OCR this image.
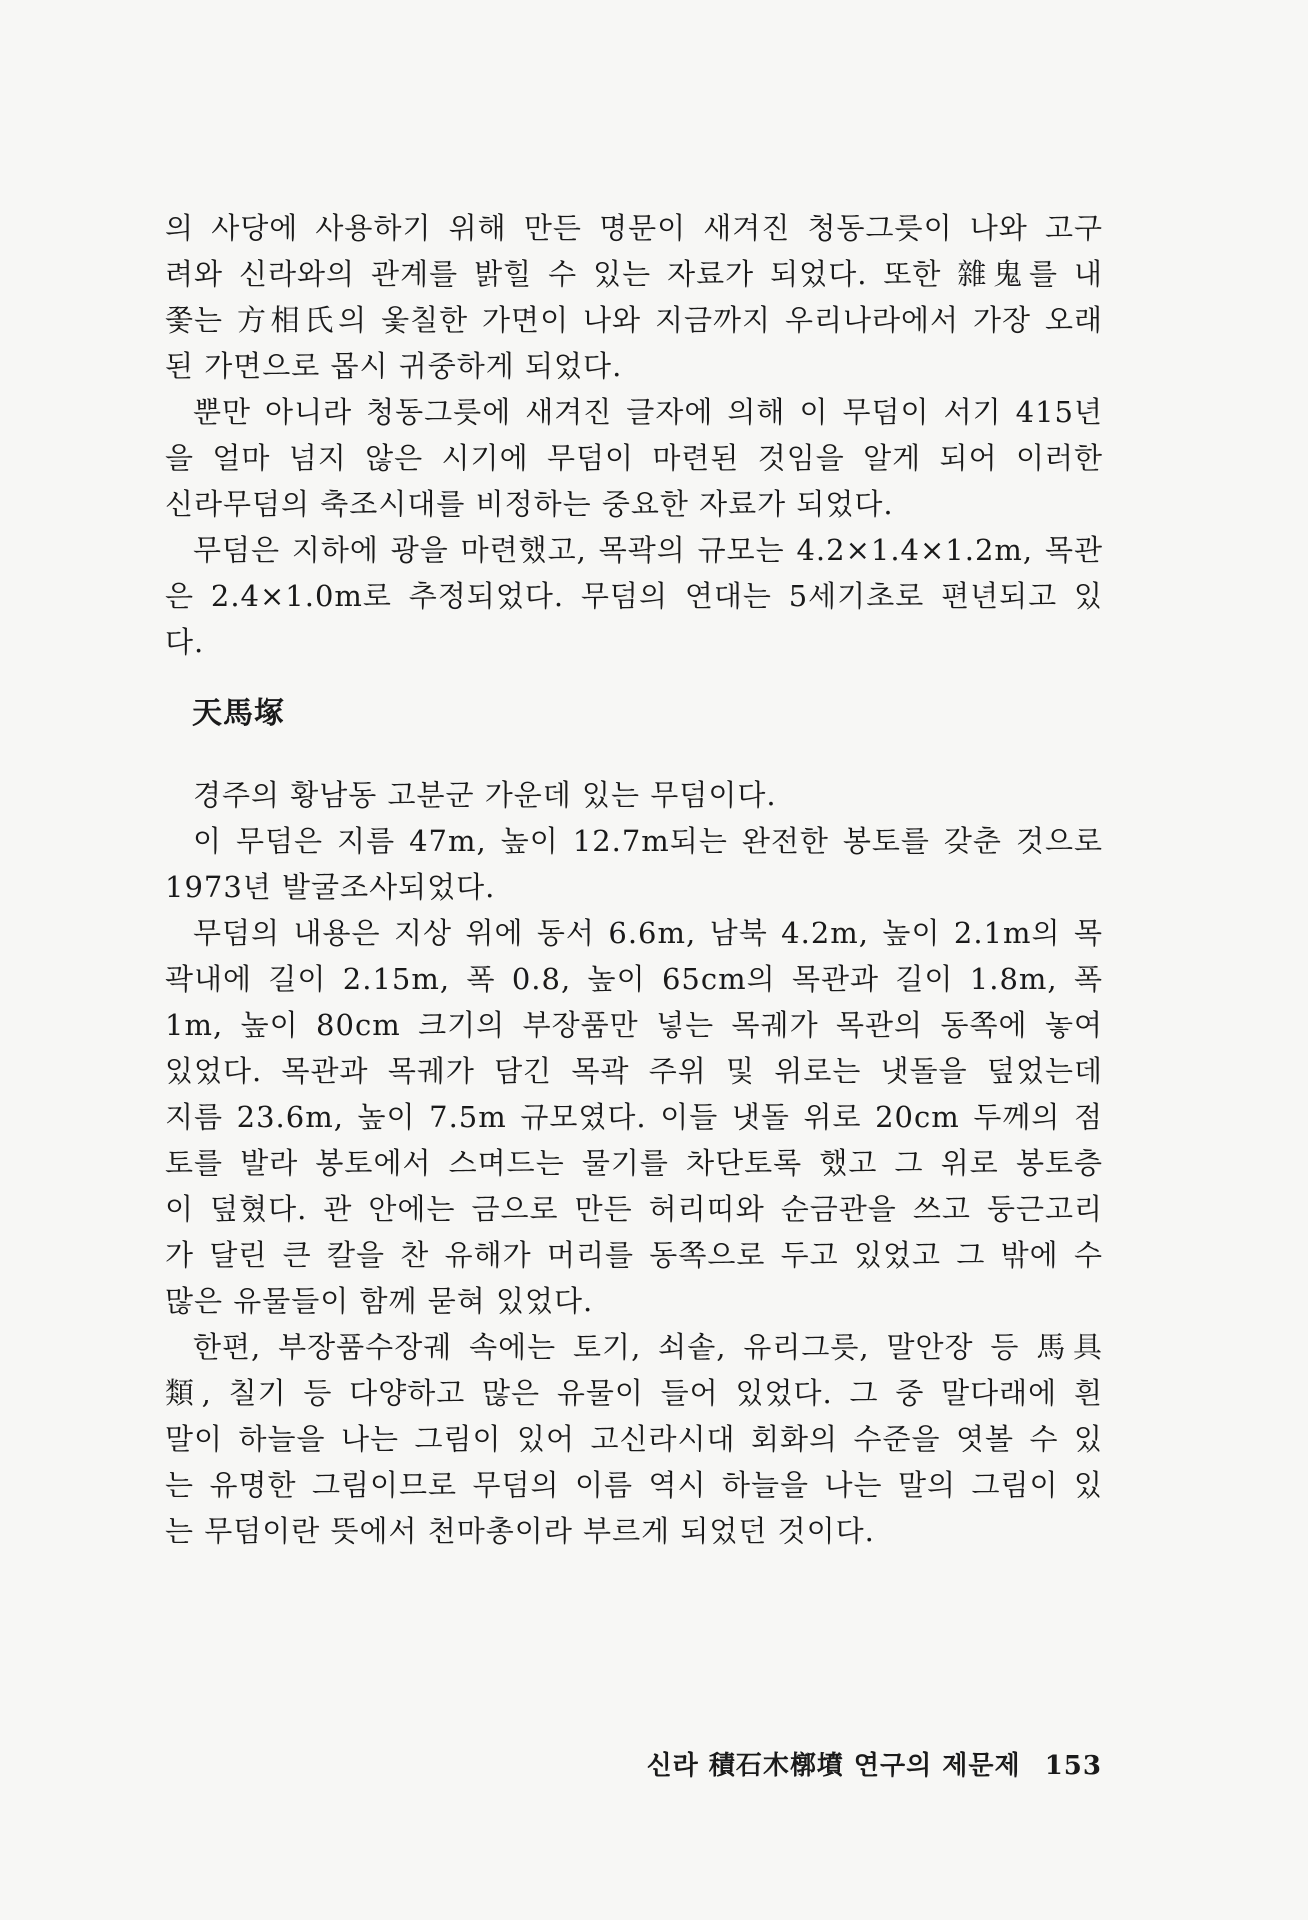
의 사당에 사용하기 위해 만든 명문이 새겨진 청동그릇이 나와 고구
려와 신라와의 관계를 밝힐 수 있는 자료가 되었다. 또한 雜鬼를 내
쫓는 方相氏의 옻칠한 가면이 나와 지금까지 우리나라에서 가장 오래
된 가면으로 몹시 귀중하게 되었다.
뿐만 아니라 청동그릇에 새겨진 글자에 의해 이 무덤이 서기 415년
을 얼마 넘지 않은 시기에 무덤이 마련된 것임을 알게 되어 이러한
신라무덤의 축조시대를 비정하는 중요한 자료가 되었다.
무덤은 지하에 광을 마련했고, 목곽의 규모는 4.2×1.4×1.2m, 목관
은 2.4×1.0m로 추정되었다. 무덤의 연대는 5세기초로 편년되고 있
다.
天馬塚
경주의 황남동 고분군 가운데 있는 무덤이다.
이 무덤은 지름 47m, 높이 12.7m되는 완전한 봉토를 갖춘 것으로
1973년 발굴조사되었다.
무덤의 내용은 지상 위에 동서 6.6m, 남북 4.2m, 높이 2.1m의 목
곽내에 길이 2.15m, 폭 0.8, 높이 65cm의 목관과 길이 1.8m, 폭
1m, 높이 80cm 크기의 부장품만 넣는 목궤가 목관의 동쪽에 놓여
있었다. 목관과 목궤가 담긴 목곽 주위 및 위로는 냇돌을 덮었는데
지름 23.6m, 높이 7.5m 규모였다. 이들 냇돌 위로 20cm 두께의 점
토를 발라 봉토에서 스며드는 물기를 차단토록 했고 그 위로 봉토층
이 덮혔다. 관 안에는 금으로 만든 허리띠와 순금관을 쓰고 둥근고리
가 달린 큰 칼을 찬 유해가 머리를 동쪽으로 두고 있었고 그 밖에 수
많은 유물들이 함께 묻혀 있었다.
한편, 부장품수장궤 속에는 토기, 쇠솥, 유리그릇, 말안장 등 馬具
類, 칠기 등 다양하고 많은 유물이 들어 있었다. 그 중 말다래에 흰
말이 하늘을 나는 그림이 있어 고신라시대 회화의 수준을 엿볼 수 있
는 유명한 그림이므로 무덤의 이름 역시 하늘을 나는 말의 그림이 있
는 무덤이란 뜻에서 천마총이라 부르게 되었던 것이다.
신라 積石木槨墳 연구의 제문제 153
